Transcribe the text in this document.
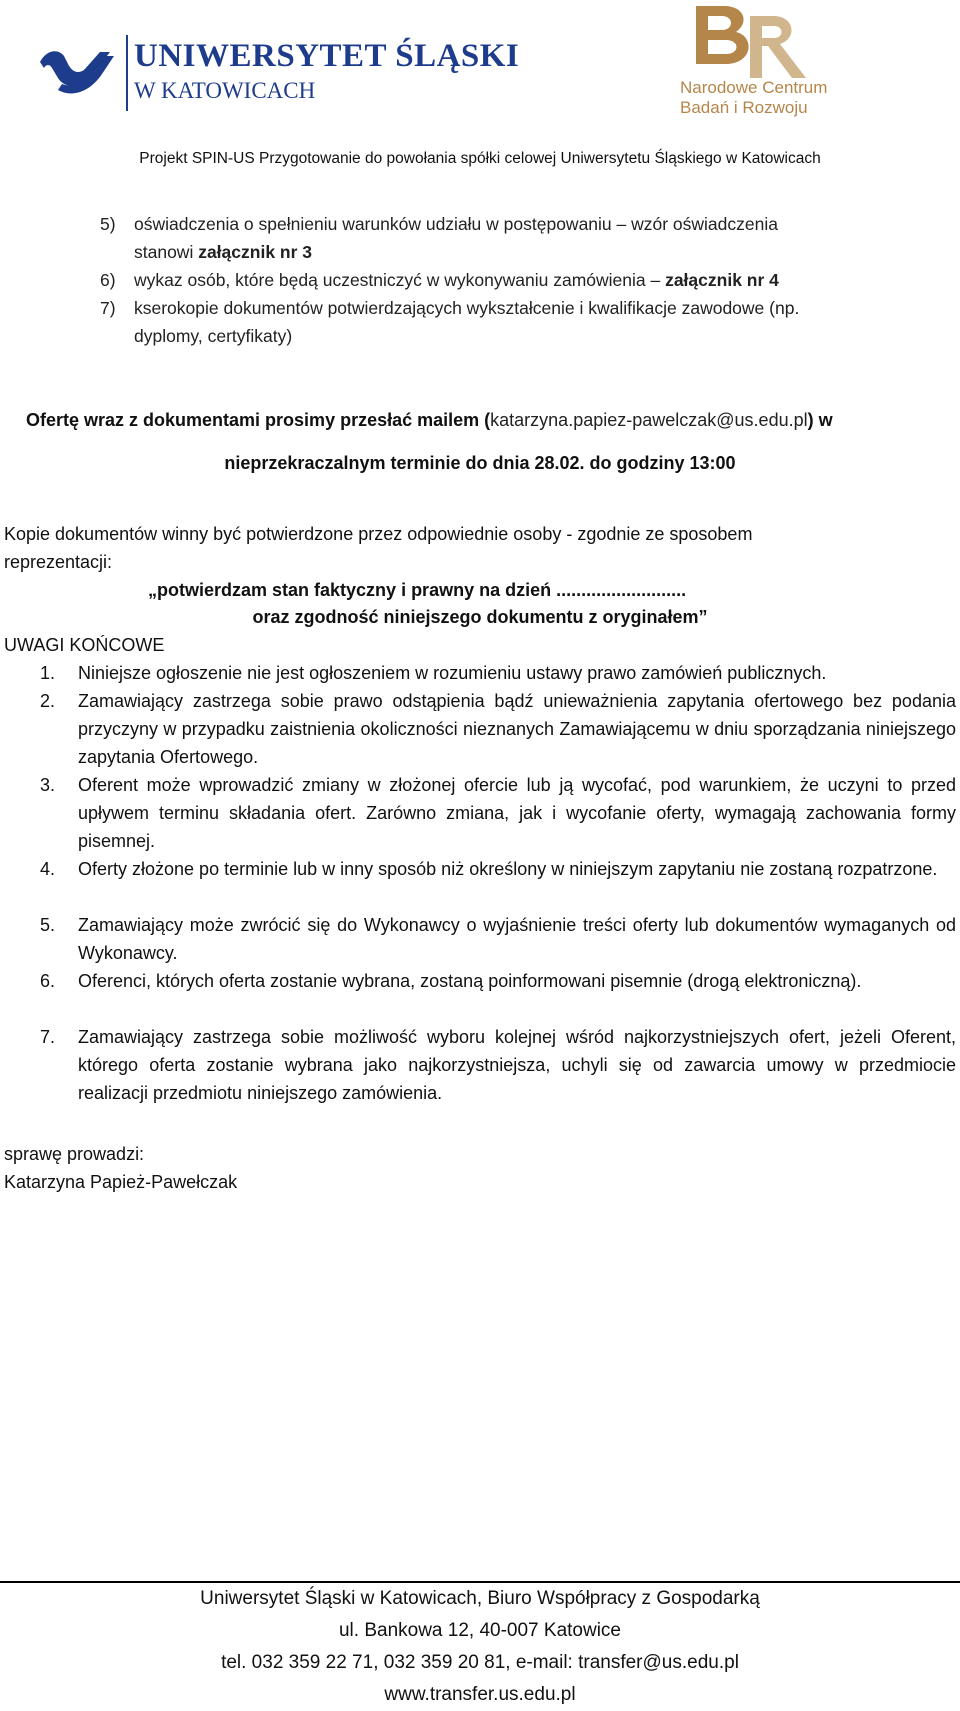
UNIWERSYTET ŚLĄSKI
W KATOWICACH	Narodowe Centrum
Badań i Rozwoju
Projekt SPIN-US Przygotowanie do powołania spółki celowej Uniwersytetu Śląskiego w Katowicach
5) oświadczenia o spełnieniu warunków udziału w postępowaniu – wzór oświadczenia
stanowi załącznik nr 3
6) wykaz osób, które będą uczestniczyć w wykonywaniu zamówienia – załącznik nr 4
7) kserokopie dokumentów potwierdzających wykształcenie i kwalifikacje zawodowe (np.
dyplomy, certyfikaty)
Ofertę wraz z dokumentami prosimy przesłać mailem (katarzyna.papiez-pawelczak@us.edu.pl) w
nieprzekraczalnym terminie do dnia 28.02. do godziny 13:00
Kopie dokumentów winny być potwierdzone przez odpowiednie osoby - zgodnie ze sposobem
reprezentacji:
„potwierdzam stan faktyczny i prawny na dzień ..........................
oraz zgodność niniejszego dokumentu z oryginałem”
UWAGI KOŃCOWE
1. Niniejsze ogłoszenie nie jest ogłoszeniem w rozumieniu ustawy prawo zamówień publicznych.
2.	Zamawiający zastrzega sobie prawo odstąpienia bądź unieważnienia zapytania ofertowego bez podania przyczyny w przypadku zaistnienia okoliczności nieznanych Zamawiającemu w dniu sporządzania niniejszego zapytania Ofertowego.
3.	Oferent może wprowadzić zmiany w złożonej ofercie lub ją wycofać, pod warunkiem, że uczyni to przed upływem terminu składania ofert. Zarówno zmiana, jak i wycofanie oferty, wymagają zachowania formy pisemnej.
4.	Oferty złożone po terminie lub w inny sposób niż określony w niniejszym zapytaniu nie zostaną rozpatrzone.
5.	Zamawiający może zwrócić się do Wykonawcy o wyjaśnienie treści oferty lub dokumentów wymaganych od Wykonawcy.
6.	Oferenci, których oferta zostanie wybrana, zostaną poinformowani pisemnie (drogą elektroniczną).
7.	Zamawiający zastrzega sobie możliwość wyboru kolejnej wśród najkorzystniejszych ofert, jeżeli Oferent, którego oferta zostanie wybrana jako najkorzystniejsza, uchyli się od zawarcia umowy w przedmiocie realizacji przedmiotu niniejszego zamówienia.
sprawę prowadzi:
Katarzyna Papież-Pawełczak
Uniwersytet Śląski w Katowicach, Biuro Współpracy z Gospodarką
ul. Bankowa 12, 40-007 Katowice
tel. 032 359 22 71, 032 359 20 81, e-mail: transfer@us.edu.pl
www.transfer.us.edu.pl
